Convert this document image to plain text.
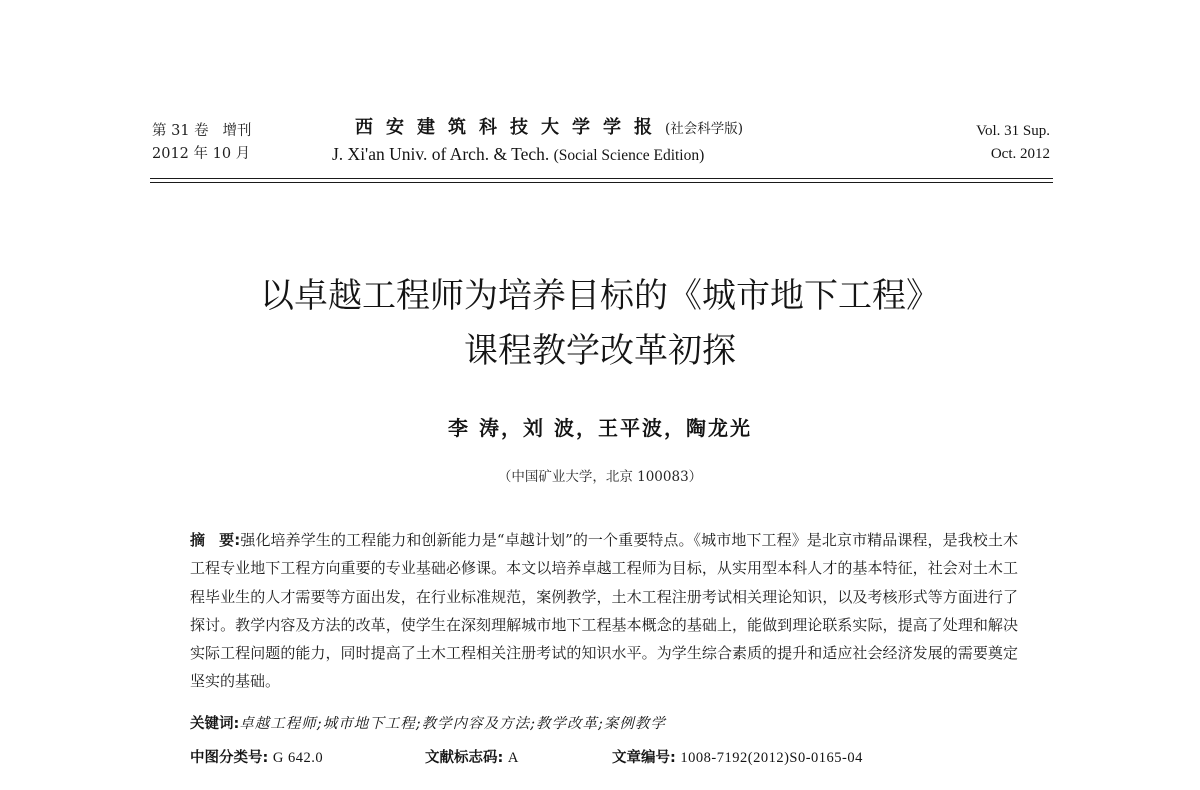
第 31 卷   增刊
2012 年 10 月
西安建筑科技大学学报(社会科学版)
J. Xi'an Univ. of Arch. & Tech. (Social Science Edition)
Vol. 31 Sup.
Oct. 2012
以卓越工程师为培养目标的《城市地下工程》
课程教学改革初探
李 涛，刘 波，王平波，陶龙光
（中国矿业大学，北京 100083）
摘 要:强化培养学生的工程能力和创新能力是“卓越计划”的一个重要特点。《城市地下工程》是北京市精品课程，是我校土木工程专业地下工程方向重要的专业基础必修课。本文以培养卓越工程师为目标，从实用型本科人才的基本特征，社会对土木工程毕业生的人才需要等方面出发，在行业标准规范，案例教学，土木工程注册考试相关理论知识，以及考核形式等方面进行了探讨。教学内容及方法的改革，使学生在深刻理解城市地下工程基本概念的基础上，能做到理论联系实际，提高了处理和解决实际工程问题的能力，同时提高了土木工程相关注册考试的知识水平。为学生综合素质的提升和适应社会经济发展的需要奠定坚实的基础。
关键词:卓越工程师;城市地下工程;教学内容及方法;教学改革;案例教学
中图分类号: G 642.0	文献标志码: A	文章编号: 1008-7192(2012)S0-0165-04
